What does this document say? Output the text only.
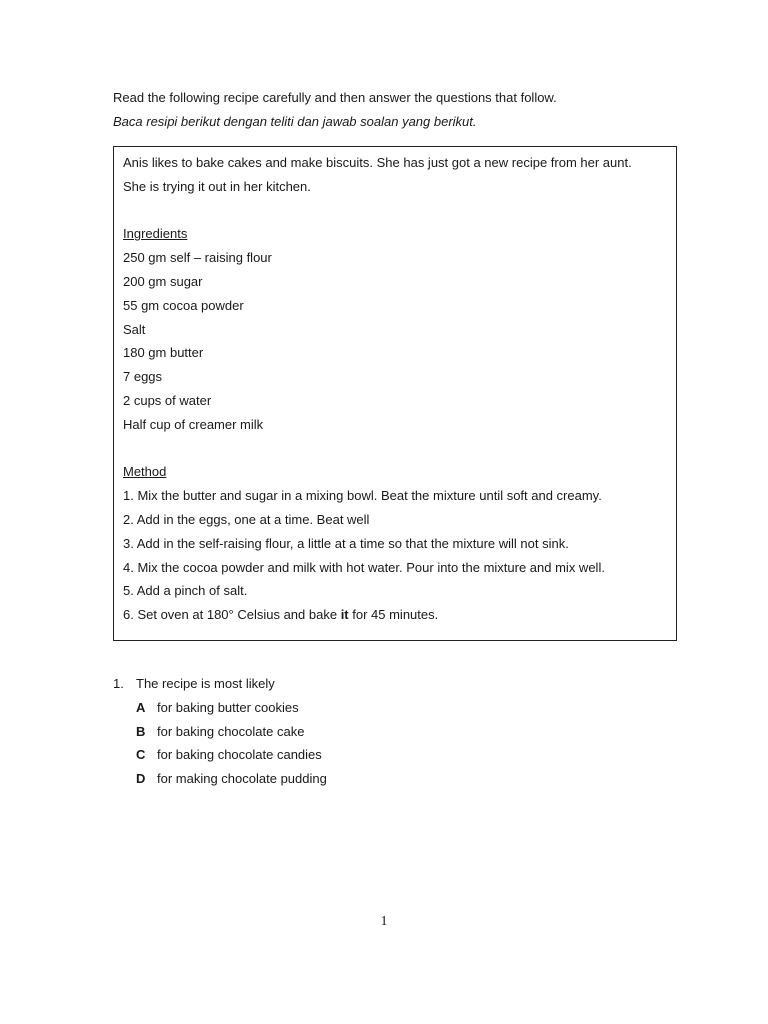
Read the following recipe carefully and then answer the questions that follow.
Baca resipi berikut dengan teliti dan jawab soalan yang berikut.
Anis likes to bake cakes and make biscuits. She has just got a new recipe from her aunt.
She is trying it out in her kitchen.
Ingredients
250 gm self – raising flour
200 gm sugar
55 gm cocoa powder
Salt
180 gm butter
7 eggs
2 cups of water
Half cup of creamer milk
Method
1. Mix the butter and sugar in a mixing bowl. Beat the mixture until soft and creamy.
2. Add in the eggs, one at a time. Beat well
3. Add in the self-raising flour, a little at a time so that the mixture will not sink.
4. Mix the cocoa powder and milk with hot water. Pour into the mixture and mix well.
5. Add a pinch of salt.
6. Set oven at 180° Celsius and bake it for 45 minutes.
1. The recipe is most likely
A for baking butter cookies
B for baking chocolate cake
C for baking chocolate candies
D for making chocolate pudding
1
